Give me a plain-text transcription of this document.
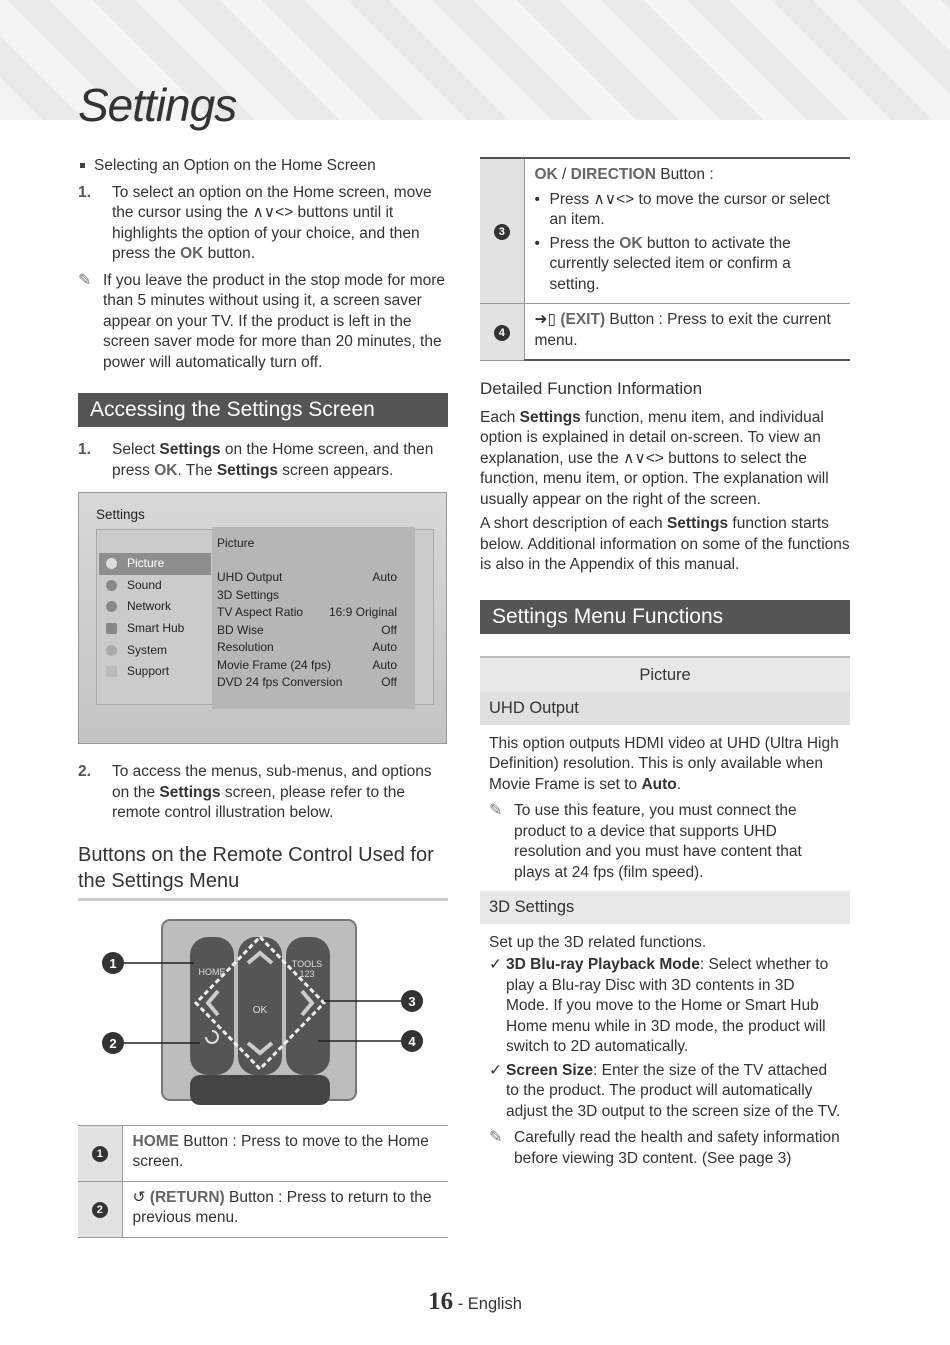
Settings
Selecting an Option on the Home Screen
1. To select an option on the Home screen, move the cursor using the ∧∨<> buttons until it highlights the option of your choice, and then press the OK button.
✎ If you leave the product in the stop mode for more than 5 minutes without using it, a screen saver appear on your TV. If the product is left in the screen saver mode for more than 20 minutes, the power will automatically turn off.
Accessing the Settings Screen
1. Select Settings on the Home screen, and then press OK. The Settings screen appears.
Settings
Picture
Sound
Network
Smart Hub
System
Support
Picture
UHD Output	Auto
3D Settings
TV Aspect Ratio 16:9 Original
BD Wise	Off
Resolution	Auto
Movie Frame (24 fps)	Auto
DVD 24 fps Conversion	Off
2. To access the menus, sub-menus, and options on the Settings screen, please refer to the remote control illustration below.
Buttons on the Remote Control Used for the Settings Menu
HOME
TOOLS
123
OK
1
2
3
4
1	HOME Button : Press to move to the Home screen.
2	↺ (RETURN) Button : Press to return to the previous menu.
3	OK / DIRECTION Button :
• Press ∧∨<> to move the cursor or select an item.
• Press the OK button to activate the currently selected item or confirm a setting.

4	➜▯ (EXIT) Button : Press to exit the current menu.
Detailed Function Information

Each Settings function, menu item, and individual option is explained in detail on-screen. To view an explanation, use the ∧∨<> buttons to select the function, menu item, or option. The explanation will usually appear on the right of the screen.

A short description of each Settings function starts below. Additional information on some of the functions is also in the Appendix of this manual.

Settings Menu Functions
Picture
UHD Output

This option outputs HDMI video at UHD (Ultra High Definition) resolution. This is only available when Movie Frame is set to Auto.

✎ To use this feature, you must connect the product to a device that supports UHD resolution and you must have content that plays at 24 fps (film speed).
3D Settings

Set up the 3D related functions.

✓ 3D Blu-ray Playback Mode: Select whether to play a Blu-ray Disc with 3D contents in 3D Mode. If you move to the Home or Smart Hub Home menu while in 3D mode, the product will switch to 2D automatically.
✓ Screen Size: Enter the size of the TV attached to the product. The product will automatically adjust the 3D output to the screen size of the TV.
✎ Carefully read the health and safety information before viewing 3D content. (See page 3)
16 - English
